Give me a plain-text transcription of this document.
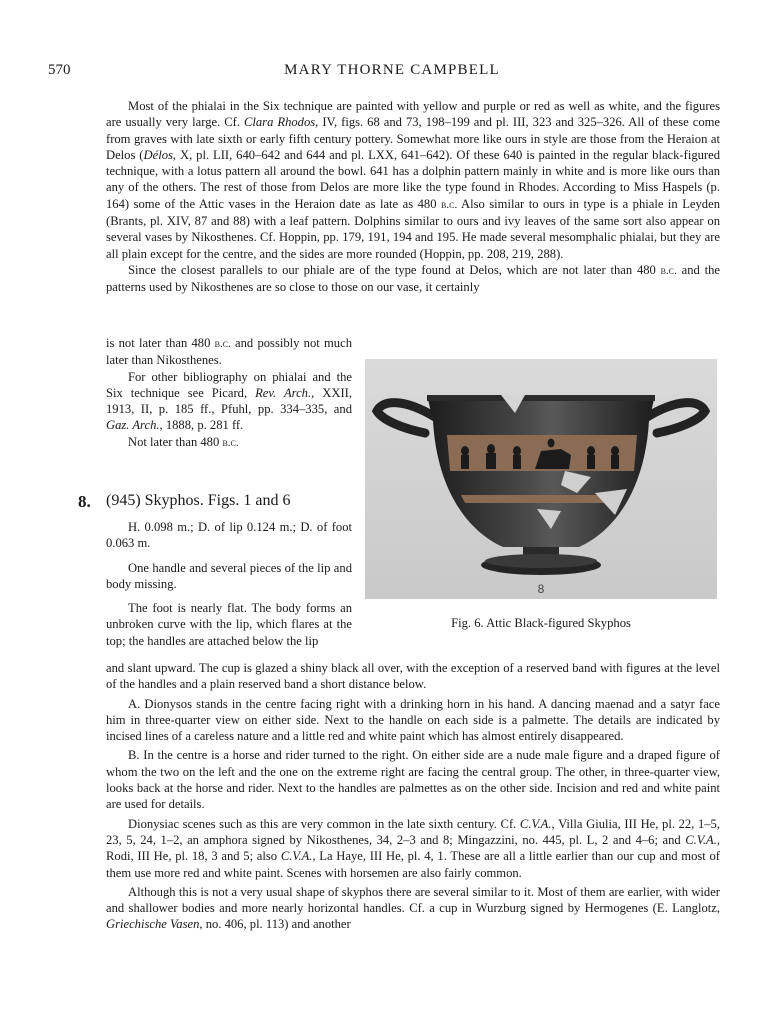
570	MARY THORNE CAMPBELL

Most of the phialai in the Six technique are painted with yellow and purple or red as well as white, and the figures are usually very large. Cf. Clara Rhodos, IV, figs. 68 and 73, 198–199 and pl. III, 323 and 325–326. All of these come from graves with late sixth or early fifth century pottery. Somewhat more like ours in style are those from the Heraion at Delos (Délos, X, pl. LII, 640–642 and 644 and pl. LXX, 641–642). Of these 640 is painted in the regular black-figured technique, with a lotus pattern all around the bowl. 641 has a dolphin pattern mainly in white and is more like ours than any of the others. The rest of those from Delos are more like the type found in Rhodes. According to Miss Haspels (p. 164) some of the Attic vases in the Heraion date as late as 480 b.c. Also similar to ours in type is a phiale in Leyden (Brants, pl. XIV, 87 and 88) with a leaf pattern. Dolphins similar to ours and ivy leaves of the same sort also appear on several vases by Nikosthenes. Cf. Hoppin, pp. 179, 191, 194 and 195. He made several mesomphalic phialai, but they are all plain except for the centre, and the sides are more rounded (Hoppin, pp. 208, 219, 288).

Since the closest parallels to our phiale are of the type found at Delos, which are not later than 480 b.c. and the patterns used by Nikosthenes are so close to those on our vase, it certainly

is not later than 480 b.c. and possibly not much later than Nikosthenes.

For other bibliography on phialai and the Six technique see Picard, Rev. Arch., XXII, 1913, II, p. 185 ff., Pfuhl, pp. 334–335, and Gaz. Arch., 1888, p. 281 ff.

Not later than 480 b.c.

8. (945) Skyphos. Figs. 1 and 6

H. 0.098 m.; D. of lip 0.124 m.; D. of foot 0.063 m.

One handle and several pieces of the lip and body missing.

The foot is nearly flat. The body forms an unbroken curve with the lip, which flares at the top; the handles are attached below the lip

8
Fig. 6. Attic Black-figured Skyphos

and slant upward. The cup is glazed a shiny black all over, with the exception of a reserved band with figures at the level of the handles and a plain reserved band a short distance below.

A. Dionysos stands in the centre facing right with a drinking horn in his hand. A dancing maenad and a satyr face him in three-quarter view on either side. Next to the handle on each side is a palmette. The details are indicated by incised lines of a careless nature and a little red and white paint which has almost entirely disappeared.

B. In the centre is a horse and rider turned to the right. On either side are a nude male figure and a draped figure of whom the two on the left and the one on the extreme right are facing the central group. The other, in three-quarter view, looks back at the horse and rider. Next to the handles are palmettes as on the other side. Incision and red and white paint are used for details.

Dionysiac scenes such as this are very common in the late sixth century. Cf. C.V.A., Villa Giulia, III He, pl. 22, 1–5, 23, 5, 24, 1–2, an amphora signed by Nikosthenes, 34, 2–3 and 8; Mingazzini, no. 445, pl. L, 2 and 4–6; and C.V.A., Rodi, III He, pl. 18, 3 and 5; also C.V.A., La Haye, III He, pl. 4, 1. These are all a little earlier than our cup and most of them use more red and white paint. Scenes with horsemen are also fairly common.

Although this is not a very usual shape of skyphos there are several similar to it. Most of them are earlier, with wider and shallower bodies and more nearly horizontal handles. Cf. a cup in Wurzburg signed by Hermogenes (E. Langlotz, Griechische Vasen, no. 406, pl. 113) and another
